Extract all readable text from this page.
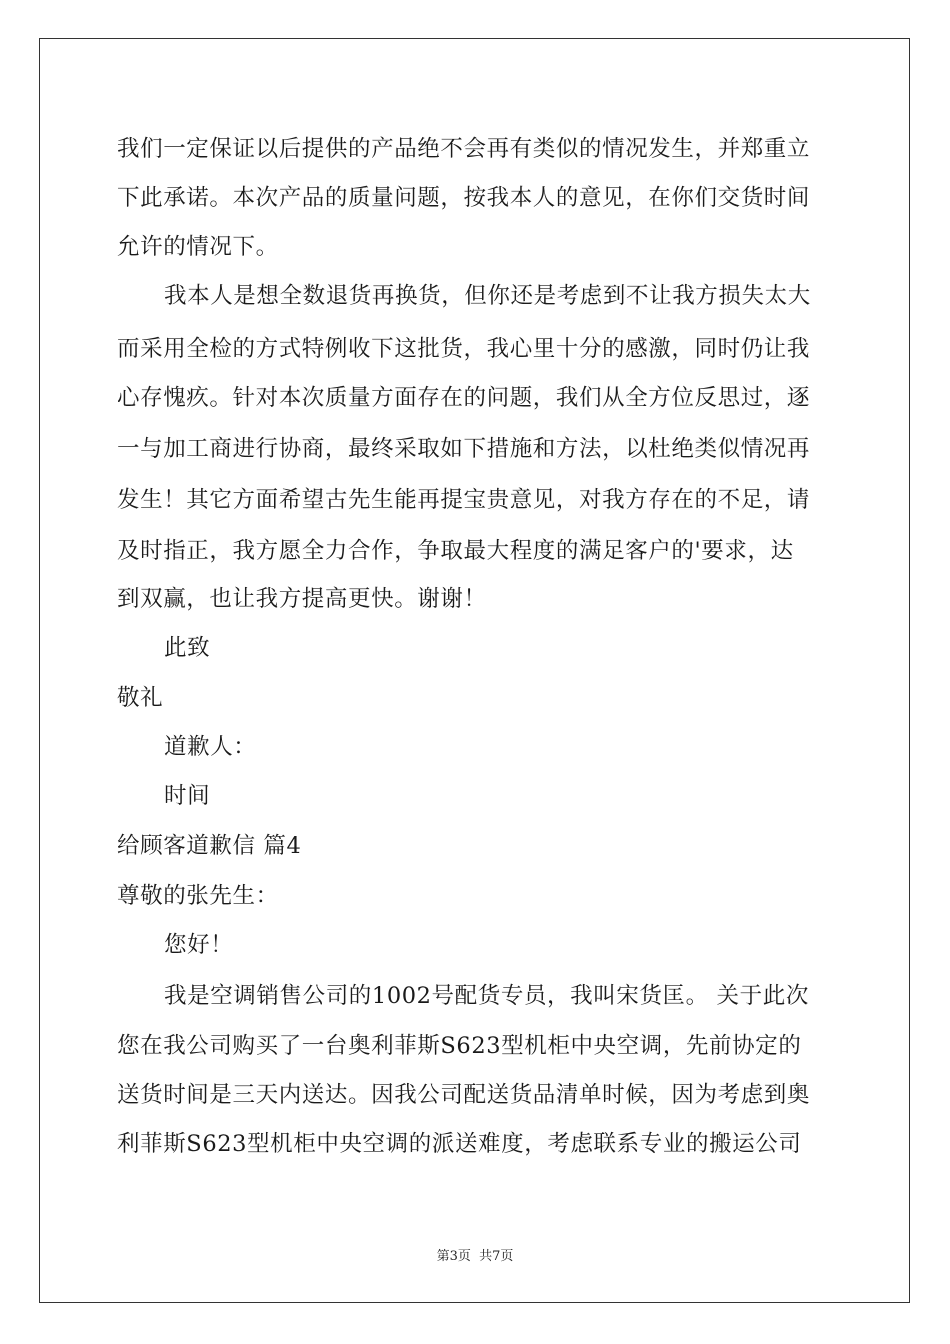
我们一定保证以后提供的产品绝不会再有类似的情况发生，并郑重立
下此承诺。本次产品的质量问题，按我本人的意见，在你们交货时间
允许的情况下。
我本人是想全数退货再换货，但你还是考虑到不让我方损失太大
而采用全检的方式特例收下这批货，我心里十分的感激，同时仍让我
心存愧疚。针对本次质量方面存在的问题，我们从全方位反思过，逐
一与加工商进行协商，最终采取如下措施和方法，以杜绝类似情况再
发生！其它方面希望古先生能再提宝贵意见，对我方存在的不足，请
及时指正，我方愿全力合作，争取最大程度的满足客户的'要求，达
到双赢，也让我方提高更快。谢谢！
此致
敬礼
道歉人：
时间
给顾客道歉信 篇4
尊敬的张先生：
您好！
我是空调销售公司的1002号配货专员，我叫宋货匡。 关于此次
您在我公司购买了一台奥利菲斯S623型机柜中央空调，先前协定的
送货时间是三天内送达。因我公司配送货品清单时候，因为考虑到奥
利菲斯S623型机柜中央空调的派送难度，考虑联系专业的搬运公司
第3页 共7页
